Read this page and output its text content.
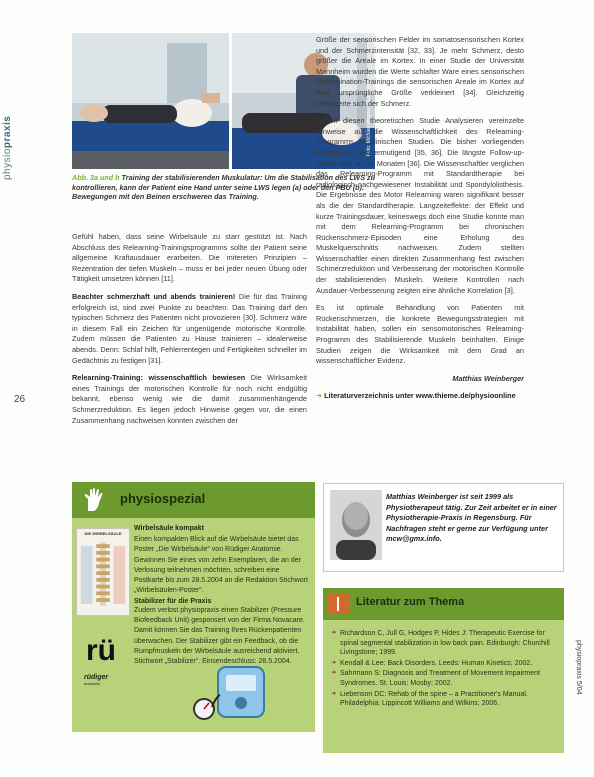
physiopraxis
26
Foto: Michael Wagner, Stuttgart
Abb. 3a und b Training der stabilisierenden Muskulatur: Um die Stabilisation des LWS zu kontrollieren, kann der Patient eine Hand unter seine LWS legen (a) oder den PBU (b). Bewegungen mit den Beinen erschweren das Training.

Gefühl haben, dass seine Wirbelsäule zu starr gestützt ist. Nach Abschluss des Relearning-Trainingsprogramms sollte der Patient seine allgemeine Kraftausdauer erarbeiten. Die mitereten Prinzipien – Rezentration der tiefen Muskeln – muss er bei jeder neuen Übung oder Tätigkeit umsetzen können [11].

Beachter schmerzhaft und abends trainieren! Die für das Training erfolgreich ist, sind zwei Punkte zu beachten: Das Training darf den typischen Schmerz des Patienten nicht provozieren [30]. Schmerz wäre in diesem Fall ein Zeichen für ungenügende motorische Kontrolle. Zudem müssen die Patienten zu Hause trainieren – idealerweise abends. Denn: Schlaf hilft, Fehlerrentegen und Fertigkeiten schneller im Gedächtnis zu festigen [31].

Relearning-Training: wissenschaftlich bewiesen Die Wirksamkeit eines Trainings der motorischen Kontrolle für noch nicht endgültig bekannt, ebenso wenig wie die damit zusammenhängende Schmerzreduktion. Es liegen jedoch Hinweise gegen vor, die einen Zusammenhang nachweisen konnten zwischen der

Größe der sensorischen Felder im somatosensorischen Kortex und der Schmerzintensität [32, 33]. Je mehr Schmerz, desto größer die Areale im Kortex. In einer Studie der Universität Mannheim wurden die Werte schlafter Ware eines sensorischen Diskrimination-Trainings die sensorischen Areale im Kortex auf eine ursprüngliche Größe verkleinert [34]. Gleichzeitig verringerte sich der Schmerz.

Neben diesen theoretischen Studie Analysieren vereinzelte Hinweise auf die Wissenschaftlichkeit des Relearning-Programms in klinischen Studien. Die bisher vorliegenden Ergebnisse sind ermutigend [35, 36]. Die längste Follow-up-Phase liegt bei 30 Monaten [36]. Die Wissenschaftler verglichen das Relearning-Programm mit Standardtherapie bei radiologisch nachgewiesener Instabilität und Spondylolisthesis. Die Ergebnisse des Motor Relearning waren signifikant besser als die der Standardtherapie. Langzeiteffekte: der Effekt und kurze Trainingsdauer, keineswegs doch eine Studie konnte man mit dem Relearning-Programm bei chronischen Rückenschmerz-Episoden eine Erholung des Muskelquerschnitts nachweisen. Zudem stellten Wissenschaftler einen direkten Zusammenhang fest zwischen Schmerzreduktion und Verbesserung der motorischen Kontrolle der stabilisierenden Muskeln. Weitere Kontrollen nach Ausdauer-Verbesserung zeigten eine ähnliche Korrelation [3].

Es ist optimale Behandlung von Patienten mit Rückenschmerzen, die konkrete Bewegungsstrategien mit Instabilität haben, sollen ein sensomotorisches Relearning-Programm des Stabilisierende Muskeln beinhalten. Einige Studien zeigen die Wirksamkeit mit dem Grad an wissenschaftlicher Evidenz.

Matthias Weinberger
➜ Literaturverzeichnis unter www.thieme.de/physioonline
physiospezial
DIE WIRBELSÄULE

Wirbelsäule kompakt

Einen kompakten Blick auf die Wirbelsäule bietet das Poster „Die Wirbelsäule“ von Rüdiger Anatomie. Gewinnen Sie eines von zehn Exemplaren, die an der Verlosung teilnehmen möchten, schreiben eine Postkarte bis zum 28.5.2004 an die Redaktion Stichwort „Wirbelsäulen-Poster“.

Stabilizer für die Praxis

rü
rüdiger
anatomie

Zudem verlost physiopraxis einen Stabilizer (Pressure Biofeedback Unit) gesponsert von der Firma Novacare. Damit können Sie das Training Ihres Rückenpatienten überwachen. Der Stabilizer gibt ein Feedback, ob die Rumpfmuskeln der Wirbelsäule ausreichend aktiviert. Stichwort „Stabilizer“. Einsendeschluss: 28.5.2004.

Matthias Weinberger ist seit 1999 als Physiotherapeut tätig. Zur Zeit arbeitet er in einer Physiotherapie-Praxis in Regensburg. Für Nachfragen steht er gerne zur Verfügung unter mcw@gmx.info.
Literatur zum Thema
➜ Richardson C, Jull G, Hodges P, Hides J: Therapeutic Exercise for spinal segmental stabilization in low back pain. Edinburgh: Churchill Livingstone; 1999.
➜ Kendall & Lee: Back Disorders. Leeds: Human Kinetics; 2002.
➜ Sahrmann S: Diagnosis and Treatment of Movement Impairment Syndromes. St. Louis: Mosby; 2002.
➜ Liebenson DC: Rehab of the spine – a Practitioner's Manual. Philadelphia: Lippincott Williams and Wilkins; 2006.
physiopraxis 5/04
